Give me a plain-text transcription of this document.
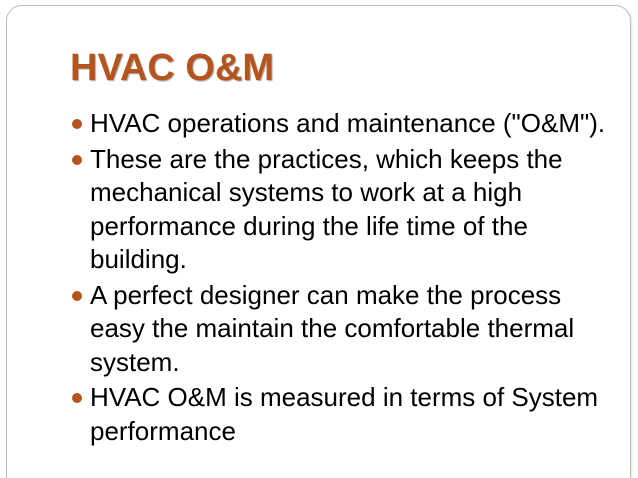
HVAC O&M
HVAC operations and maintenance ("O&M").
These are the practices, which keeps the mechanical systems to work at a high performance during the life time of the building.
A perfect designer can make the process easy the maintain the comfortable thermal system.
HVAC O&M is measured in terms of System performance
